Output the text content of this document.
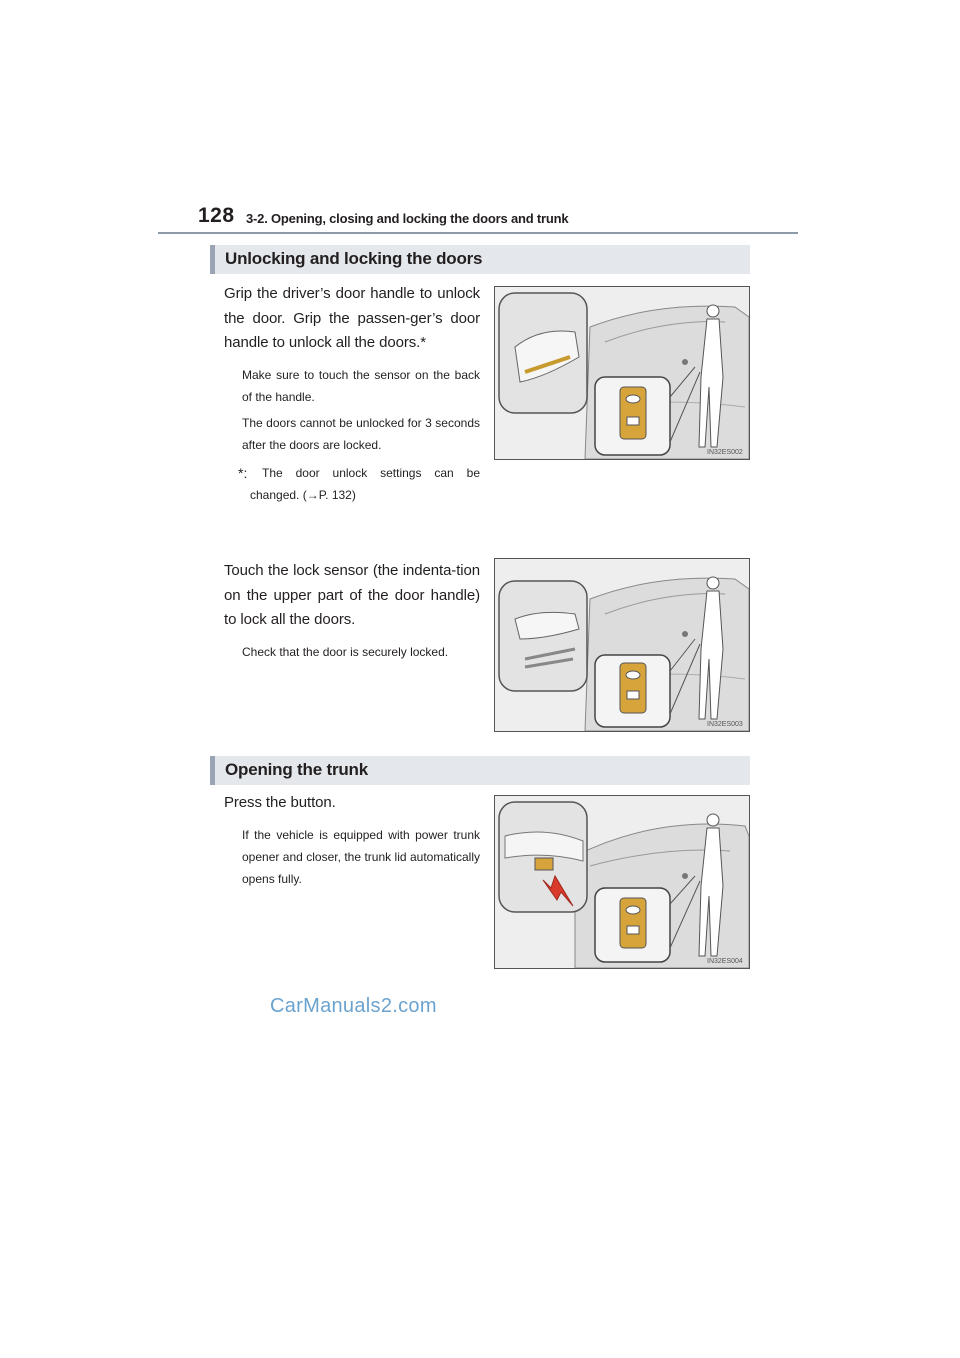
128 3-2. Opening, closing and locking the doors and trunk
Unlocking and locking the doors

Grip the driver’s door handle to unlock the door. Grip the passen-ger’s door handle to unlock all the doors.*

Make sure to touch the sensor on the back of the handle.

The doors cannot be unlocked for 3 seconds after the doors are locked.

*: The door unlock settings can be changed. (→P. 132)
IN32ES002

Touch the lock sensor (the indenta-tion on the upper part of the door handle) to lock all the doors.

Check that the door is securely locked.

IN32ES003
Opening the trunk

Press the button.

If the vehicle is equipped with power trunk opener and closer, the trunk lid automatically opens fully.

IN32ES004
CarManuals2.com
